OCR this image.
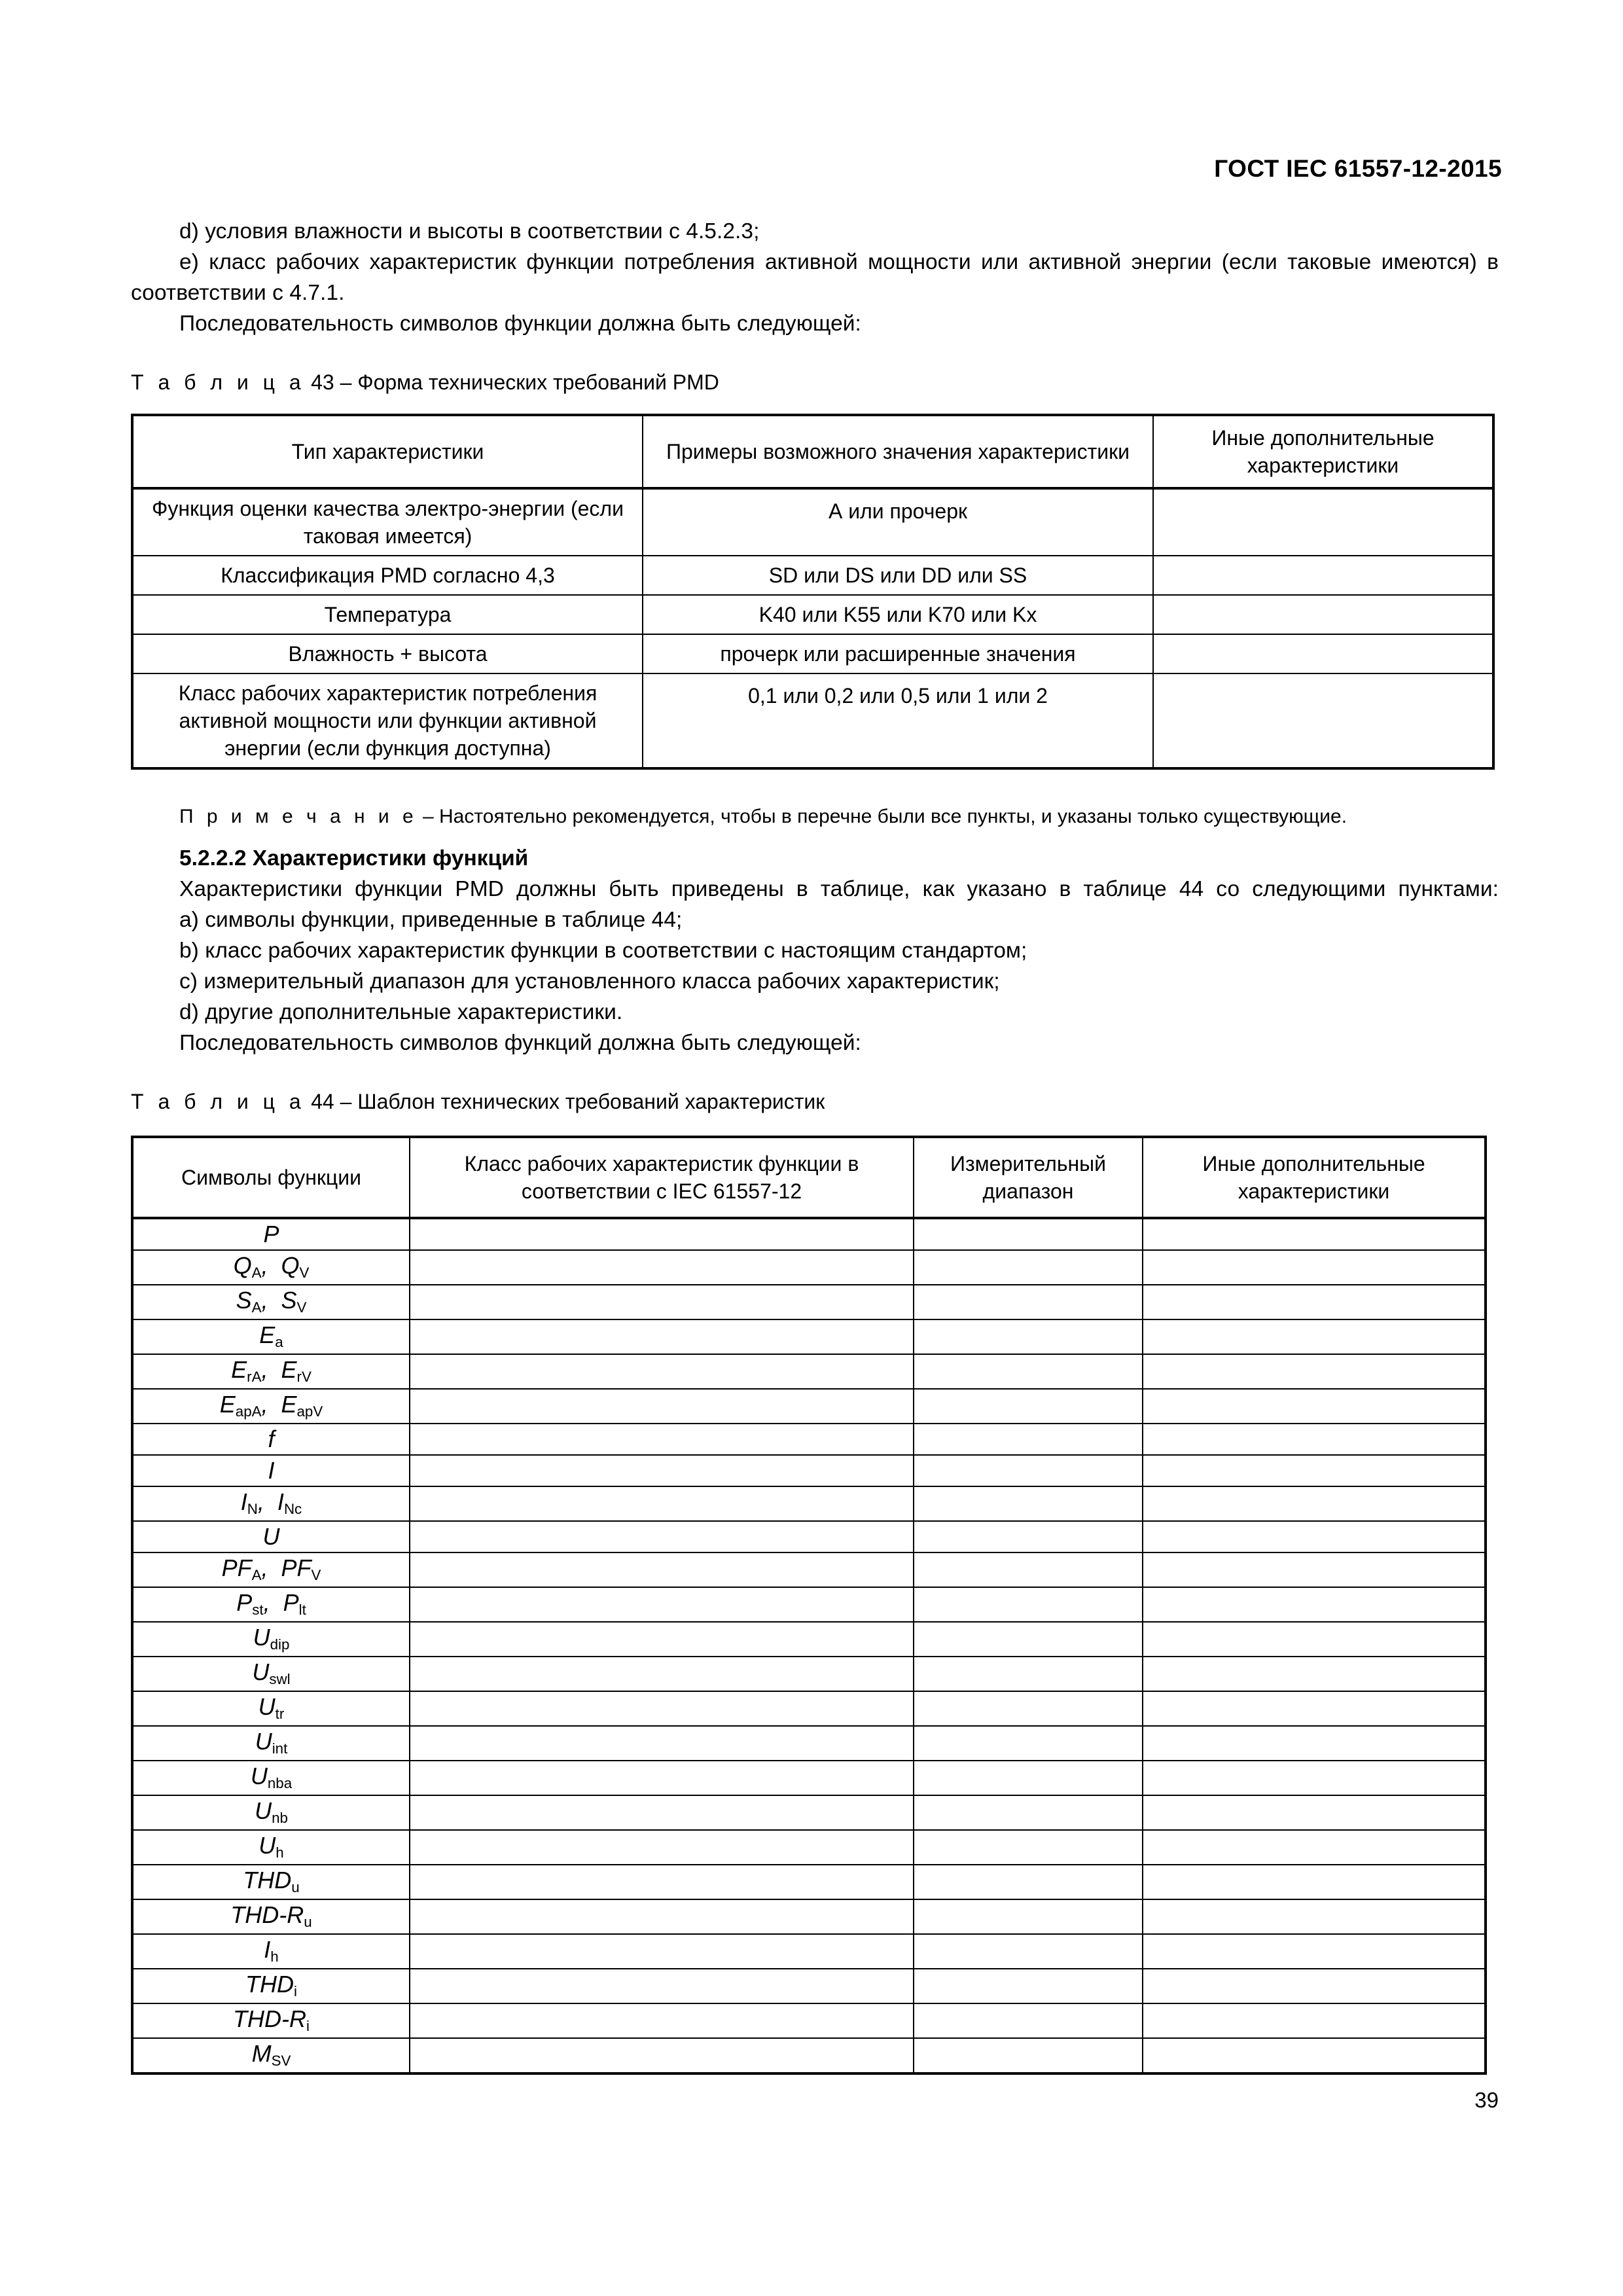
ГОСТ IEC 61557-12-2015

d) условия влажности и высоты в соответствии с 4.5.2.3;

e) класс рабочих характеристик функции потребления активной мощности или активной энергии (если таковые имеются) в соответствии с 4.7.1.

Последовательность символов функции должна быть следующей:

Т а б л и ц а 43 – Форма технических требований PMD

Тип характеристики	Примеры возможного значения характеристики	Иные дополнительные характеристики
Функция оценки качества электро-энергии (если таковая имеется)	А или прочерк	
Классификация PMD согласно 4,3	SD или DS или DD или SS	
Температура	K40 или K55 или K70 или Kx	
Влажность + высота	прочерк или расширенные значения	
Класс рабочих характеристик потребления активной мощности или функции активной энергии (если функция доступна)	0,1 или 0,2 или 0,5 или 1 или 2	

П р и м е ч а н и е – Настоятельно рекомендуется, чтобы в перечне были все пункты, и указаны только существующие.

5.2.2.2 Характеристики функций

Характеристики функции PMD должны быть приведены в таблице, как указано в таблице 44 со следующими пунктами:

a) символы функции, приведенные в таблице 44;

b) класс рабочих характеристик функции в соответствии с настоящим стандартом;

c) измерительный диапазон для установленного класса рабочих характеристик;

d) другие дополнительные характеристики.

Последовательность символов функций должна быть следующей:

Т а б л и ц а 44 – Шаблон технических требований характеристик

Символы функции	Класс рабочих характеристик функции в соответствии с IEC 61557-12	Измерительный диапазон	Иные дополнительные характеристики
P			
$Q_A$,  $Q_V$			
$S_A$,  $S_V$			
$E_a$			
$E_{rA}$,  $E_{rV}$			
$E_{apA}$,  $E_{apV}$			
f			
I			
$I_N$,  $I_{Nc}$			
U			
$PF_A$,  $PF_V$			
$P_{st}$,  $P_{lt}$			
$U_{dip}$			
$U_{swl}$			
$U_{tr}$			
$U_{int}$			
$U_{nba}$			
$U_{nb}$			
$U_h$			
$THD_u$			
THD-$R_u$			
$I_h$			
$THD_i$			
THD-$R_i$			
$M_{SV}$			
39
